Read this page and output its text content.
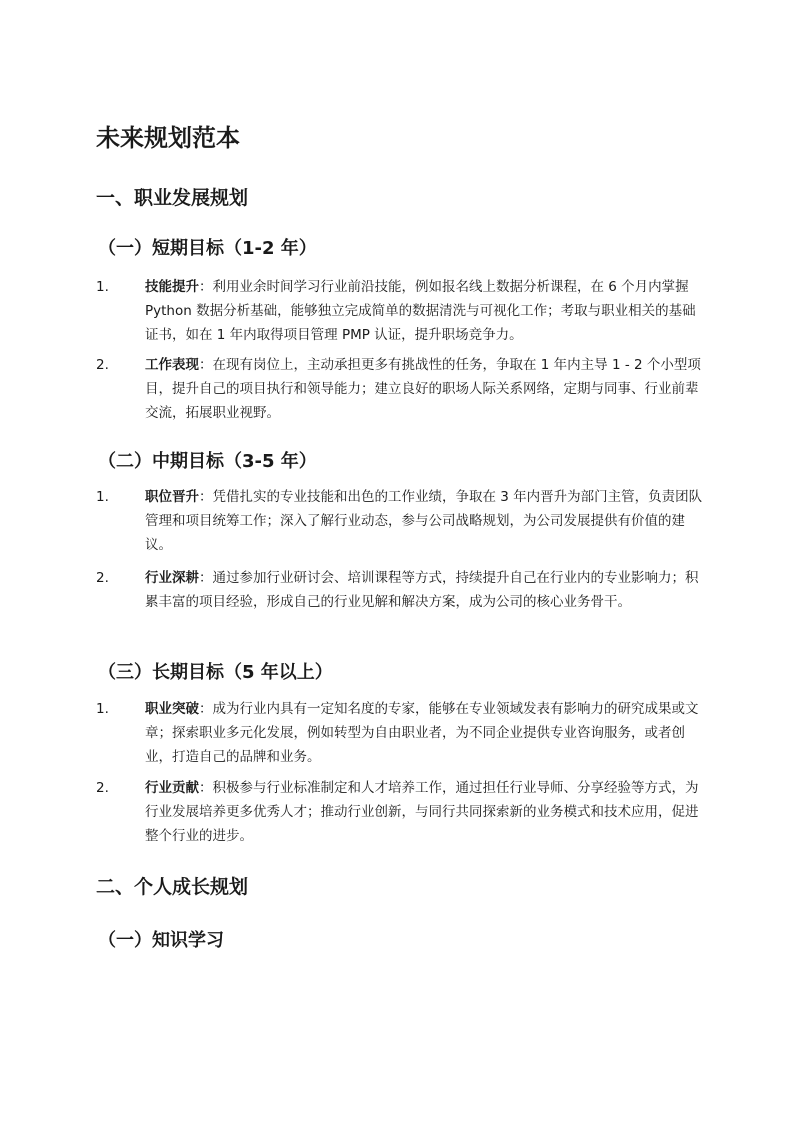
未来规划范本
一、职业发展规划
（一）短期目标（1-2 年）
1.	技能提升：利用业余时间学习行业前沿技能，例如报名线上数据分析课程，在 6 个月内掌握 Python 数据分析基础，能够独立完成简单的数据清洗与可视化工作；考取与职业相关的基础证书，如在 1 年内取得项目管理 PMP 认证，提升职场竞争力。
2.	工作表现：在现有岗位上，主动承担更多有挑战性的任务，争取在 1 年内主导 1 - 2 个小型项目，提升自己的项目执行和领导能力；建立良好的职场人际关系网络，定期与同事、行业前辈交流，拓展职业视野。
（二）中期目标（3-5 年）
1.	职位晋升：凭借扎实的专业技能和出色的工作业绩，争取在 3 年内晋升为部门主管，负责团队管理和项目统筹工作；深入了解行业动态，参与公司战略规划，为公司发展提供有价值的建议。
2.	行业深耕：通过参加行业研讨会、培训课程等方式，持续提升自己在行业内的专业影响力；积累丰富的项目经验，形成自己的行业见解和解决方案，成为公司的核心业务骨干。
（三）长期目标（5 年以上）
1.	职业突破：成为行业内具有一定知名度的专家，能够在专业领域发表有影响力的研究成果或文章；探索职业多元化发展，例如转型为自由职业者，为不同企业提供专业咨询服务，或者创业，打造自己的品牌和业务。
2.	行业贡献：积极参与行业标准制定和人才培养工作，通过担任行业导师、分享经验等方式，为行业发展培养更多优秀人才；推动行业创新，与同行共同探索新的业务模式和技术应用，促进整个行业的进步。
二、个人成长规划
（一）知识学习
